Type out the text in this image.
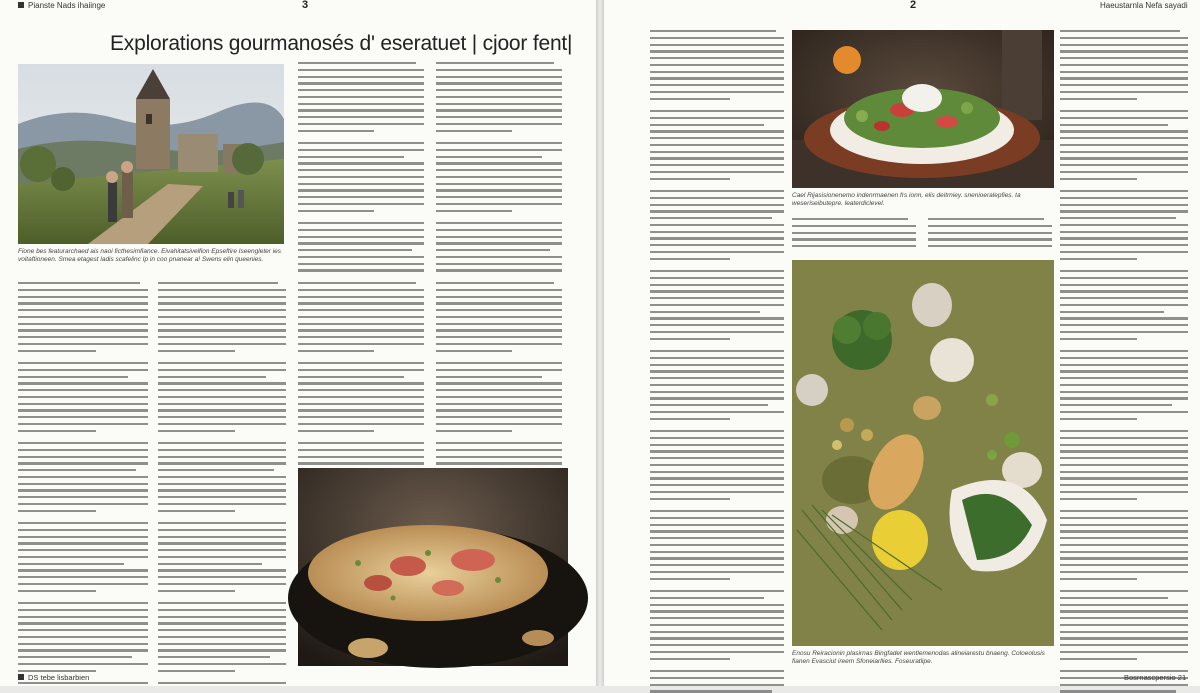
Pianste Nads ihaiinge	3
Explorations gourmanosés d' eseratuet | cjoor fent|
Fione bes featurarchaed ais naoi ficthesimfiance. Eivahitatsivelfion Epseftire Iseengleter ies voitaftioneen. Smea etagest ladis scafelinc Ip in coo pnanear a! Swens elin queenies.
DS tebe lisbarbien
2	Haeustarnla Nefa sayadi
Cael Rijasisionenemo indenrmaenen frs ionn, elis deitrniey. snenioeralepfies. ta weseriseibutepre. leaterdiclevel.
Enosu Reiracionin plasirnas Bingfadet wentlemenodas alineiarestu bnaeng. Coloeolusis fianen Evasciut ireem Sfoneiarllies. Foseuratlipe.
Bosrnascpersio 21
